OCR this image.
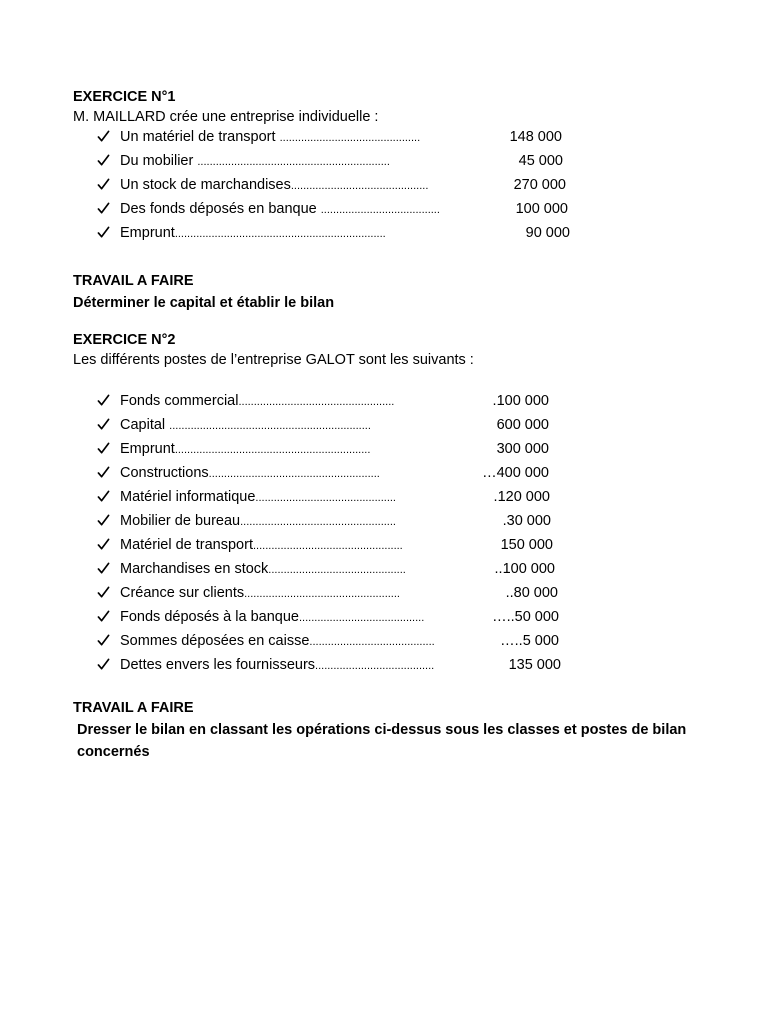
EXERCICE N°1
M. MAILLARD crée une entreprise individuelle :
Un matériel de transport ..............................................	148 000
Du mobilier ...............................................................	45 000
Un stock de marchandises.............................................	270 000
Des fonds déposés en banque .......................................	100 000
Emprunt.....................................................................	90 000
TRAVAIL A FAIRE
Déterminer le capital et établir le bilan
EXERCICE N°2
Les différents postes de l’entreprise GALOT sont les suivants :
Fonds commercial...................................................	.100 000
Capital ..................................................................	600 000
Emprunt................................................................	300 000
Constructions........................................................	…400 000
Matériel informatique..............................................	.120 000
Mobilier de bureau...................................................	.30 000
Matériel de transport.................................................	150 000
Marchandises en stock.............................................	..100 000
Créance sur clients...................................................	..80 000
Fonds déposés à la banque.........................................	…..50 000
Sommes déposées en caisse.........................................	…..5 000
Dettes envers les fournisseurs.......................................	135 000
TRAVAIL A FAIRE
Dresser le bilan en classant les opérations ci-dessus sous les classes et postes de bilan
concernés
